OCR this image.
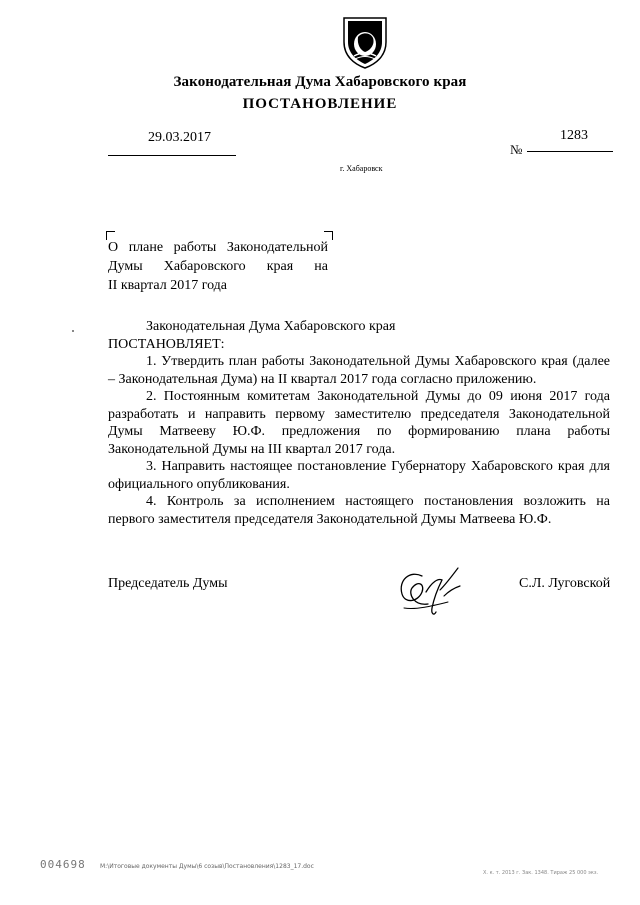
Законодательная Дума Хабаровского края
ПОСТАНОВЛЕНИЕ
29.03.2017
№
1283
г. Хабаровск
О плане работы Законодательной
Думы Хабаровского края на
II квартал 2017 года

Законодательная Дума Хабаровского края

ПОСТАНОВЛЯЕТ:

1. Утвердить план работы Законодательной Думы Хабаровского края (далее – Законодательная Дума) на II квартал 2017 года согласно приложению.

2. Постоянным комитетам Законодательной Думы до 09 июня 2017 года разработать и направить первому заместителю председателя Законодательной Думы Матвееву Ю.Ф. предложения по формированию плана работы Законодательной Думы на III квартал 2017 года.

3. Направить настоящее постановление Губернатору Хабаровского края для официального опубликования.

4. Контроль за исполнением настоящего постановления возложить на первого заместителя председателя Законодательной Думы Матвеева Ю.Ф.

Председатель Думы	С.Л. Луговской
004698 М:\Итоговые документы Думы\6 созыв\Постановления\1283_17.doc
Х. к. т. 2013 г. Зак. 1348. Тираж 25 000 экз.
